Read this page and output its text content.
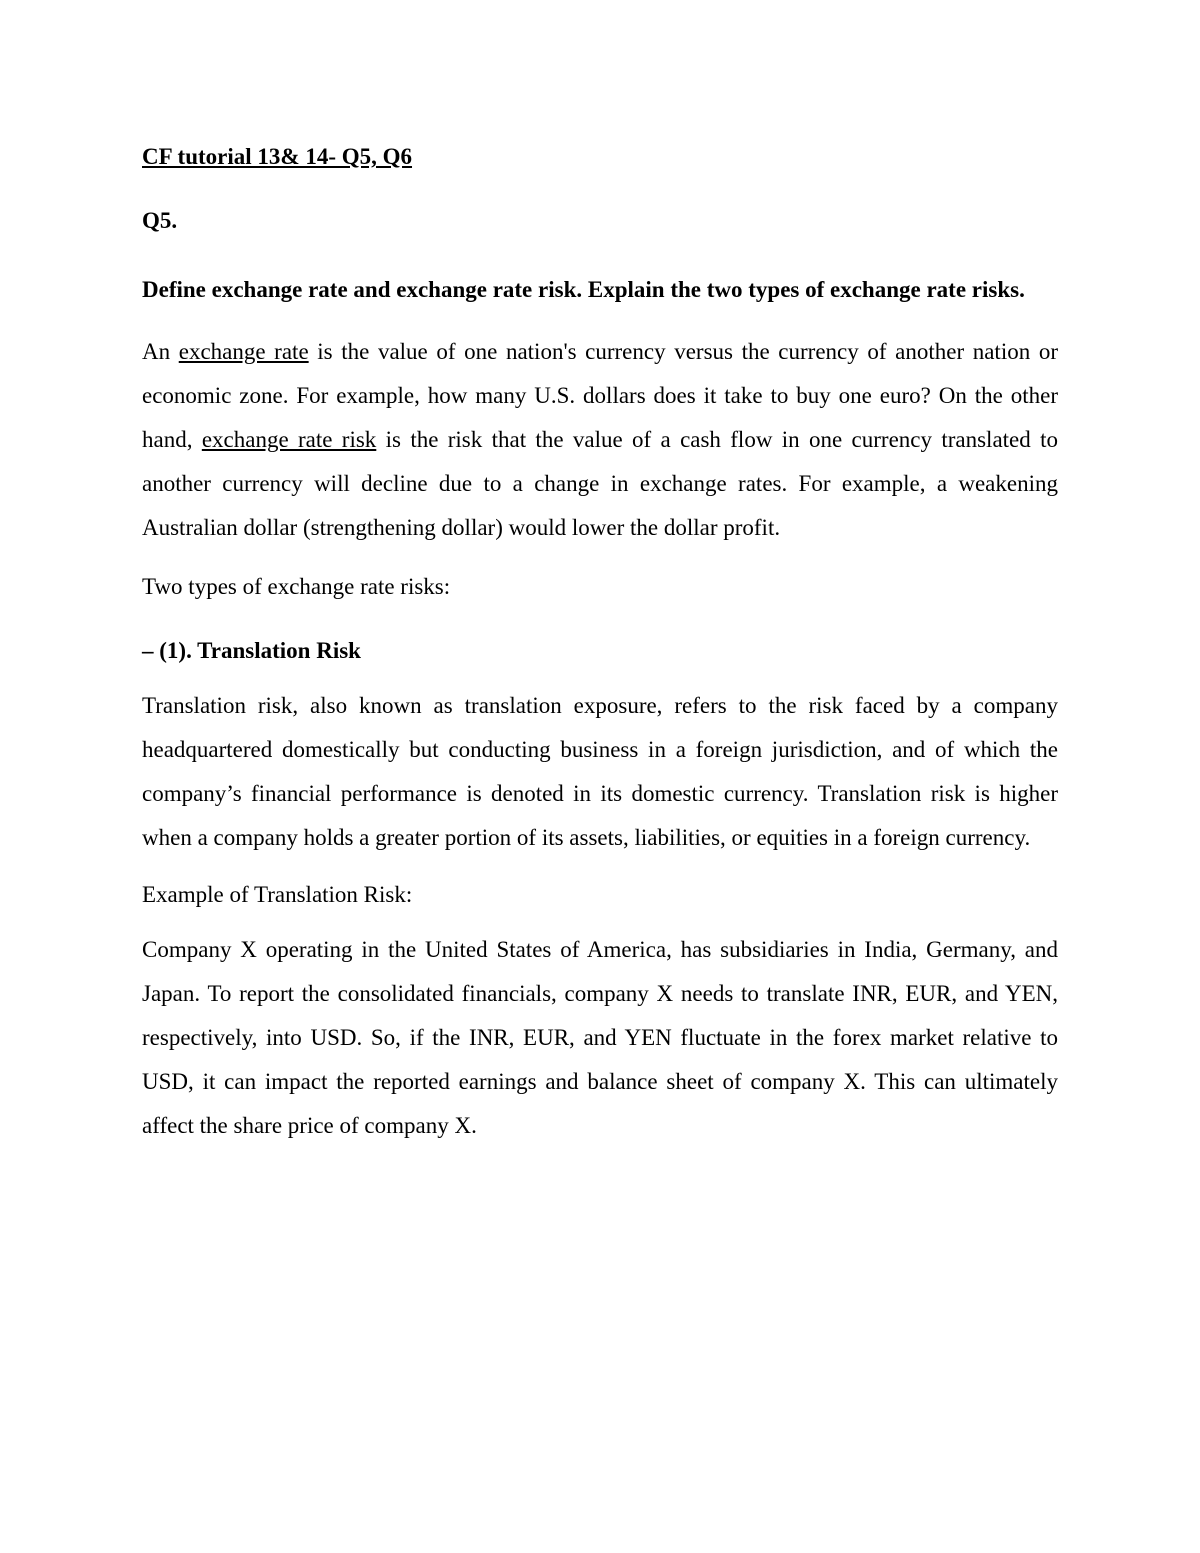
CF tutorial 13& 14- Q5, Q6

Q5.

Define exchange rate and exchange rate risk. Explain the two types of exchange rate risks.

An exchange rate is the value of one nation's currency versus the currency of another nation or economic zone. For example, how many U.S. dollars does it take to buy one euro? On the other hand, exchange rate risk is the risk that the value of a cash flow in one currency translated to another currency will decline due to a change in exchange rates. For example, a weakening Australian dollar (strengthening dollar) would lower the dollar profit.

Two types of exchange rate risks:

– (1). Translation Risk

Translation risk, also known as translation exposure, refers to the risk faced by a company headquartered domestically but conducting business in a foreign jurisdiction, and of which the company’s financial performance is denoted in its domestic currency. Translation risk is higher when a company holds a greater portion of its assets, liabilities, or equities in a foreign currency.

Example of Translation Risk:

Company X operating in the United States of America, has subsidiaries in India, Germany, and Japan. To report the consolidated financials, company X needs to translate INR, EUR, and YEN, respectively, into USD. So, if the INR, EUR, and YEN fluctuate in the forex market relative to USD, it can impact the reported earnings and balance sheet of company X. This can ultimately affect the share price of company X.
